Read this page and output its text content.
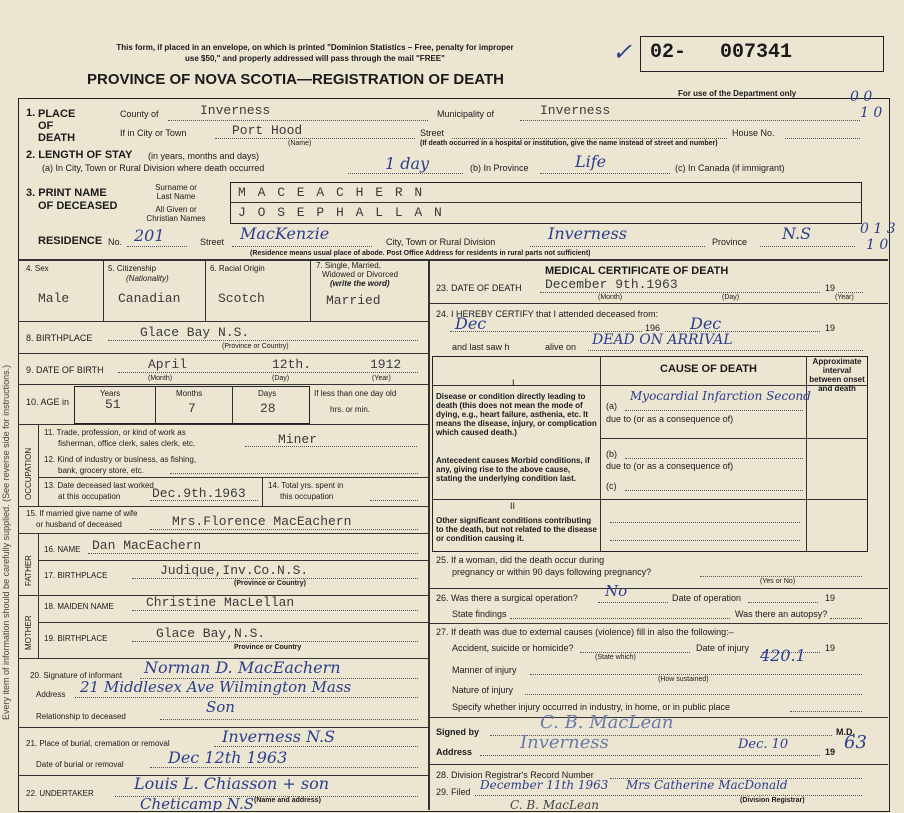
Every item of information should be carefully supplied. (See reverse side for instructions.)
This form, if placed in an envelope, on which is printed "Dominion Statistics – Free, penalty for improper
use $50," and properly addressed will pass through the mail "FREE"
PROVINCE OF NOVA SCOTIA—REGISTRATION OF DEATH
✓ 02- 007341
For use of the Department only	0 0
1 0
0 1 3
1 0
1. PLACE OF DEATH
County of	Inverness	Municipality of	Inverness
If in City or Town	Port Hood
(Name)
Street	House No.
(If death occurred in a hospital or institution, give the name instead of street and number)
2. LENGTH OF STAY (in years, months and days)
(a) In City, Town or Rural Division where death occurred	1 day	(b) In Province	Life	(c) In Canada (if immigrant)
3. PRINT NAME
OF DECEASED
Surname or
Last Name
All Given or
Christian Names
M A C E A C H E R N
J O S E P H A L L A N
RESIDENCE No. 201	Street MacKenzie	City, Town or Rural Division	Inverness	Province N.S
(Residence means usual place of abode. Post Office Address for residents in rural parts not sufficient)
4. Sex
Male
5. Citizenship
(Nationality)
Canadian
6. Racial Origin
Scotch
7. Single, Married,
Widowed or Divorced
(write the word)
Married
8. BIRTHPLACE	Glace Bay N.S.
(Province or Country)
9. DATE OF BIRTH	April	12th.	1912
(Month)	(Day)	(Year)
10. AGE in
Years
51
Months
7
Days
28
If less than one day old
hrs. or min.
OCCUPATION
11. Trade, profession, or kind of work as
fisherman, office clerk, sales clerk, etc.	Miner
12. Kind of industry or business, as fishing,
bank, grocery store, etc.
13. Date deceased last worked
at this occupation Dec.9th.1963
14. Total yrs. spent in
this occupation
15. If married give name of wife
or husband of deceased	Mrs.Florence MacEachern
FATHER
16. NAME Dan MacEachern
17. BIRTHPLACE	Judique,Inv.Co.N.S.
(Province or Country)
MOTHER
18. MAIDEN NAME Christine MacLellan
19. BIRTHPLACE	Glace Bay,N.S.
Province or Country
20. Signature of informant Norman D. MacEachern
Address 21 Middlesex Ave Wilmington Mass
Relationship to deceased
Son
21. Place of burial, cremation or removal	Inverness N.S
Date of burial or removal	Dec 12th 1963
22. UNDERTAKER
Louis L. Chiasson + son
(Name and address)
Cheticamp N.S
MEDICAL CERTIFICATE OF DEATH
23. DATE OF DEATH December 9th.1963	19
(Month)	(Day)	(Year)
24. I HEREBY CERTIFY that I attended deceased from:
Dec	196 Dec	19
and last saw h	alive on DEAD ON ARRIVAL
CAUSE OF DEATH
Approximate interval between onset and death
I
Disease or condition directly leading to death (this does not mean the mode of dying, e.g., heart failure, asthenia, etc. It means the disease, injury, or complication which caused death.)
(a)
Myocardial Infarction Second
due to (or as a consequence of)
Antecedent causes Morbid conditions, if any, giving rise to the above cause, stating the underlying condition last.
(b)
due to (or as a consequence of)
(c)
II
Other significant conditions contributing to the death, but not related to the disease or condition causing it.
25. If a woman, did the death occur during
pregnancy or within 90 days following pregnancy?
(Yes or No)
26. Was there a surgical operation? No	Date of operation	19
State findings	Was there an autopsy?
27. If death was due to external causes (violence) fill in also the following:–
Accident, suicide or homicide?
(State which)
Date of injury	19
420.1
Manner of injury
(How sustained)
Nature of injury
Specify whether injury occurred in industry, in home, or in public place
Signed by	C. B. MacLean	M.D.
Address	Inverness	Dec. 10	19 63
28. Division Registrar's Record Number
29. Filed December 11th 1963 Mrs Catherine MacDonald
(Division Registrar)
C. B. MacLean
